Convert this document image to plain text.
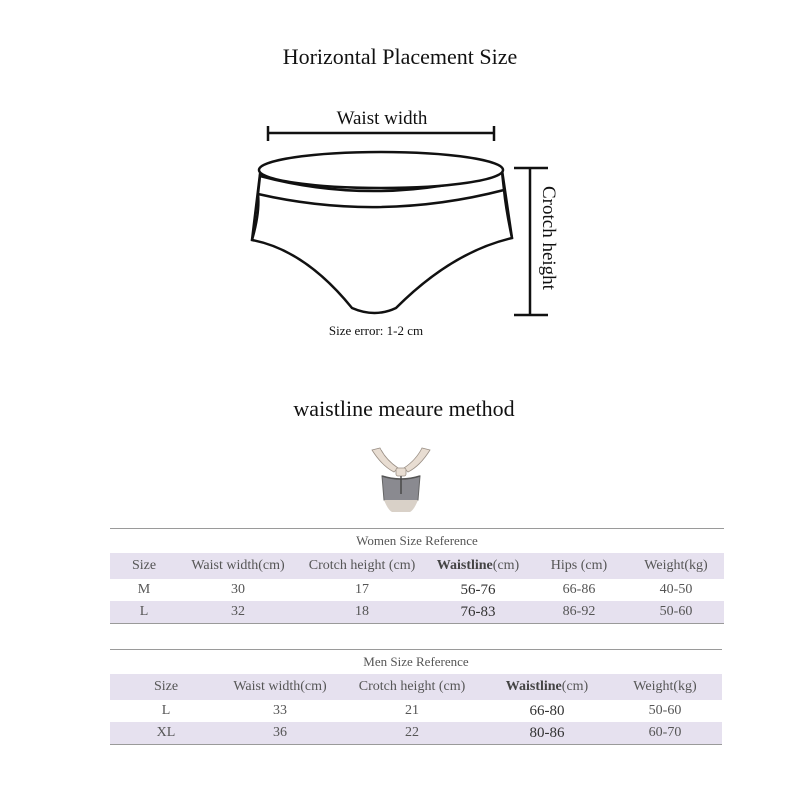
Horizontal Placement Size
Waist width
Crotch height
Size error: 1-2 cm
waistline meaure method
Women Size Reference					
Size	Waist width(cm)	Crotch height (cm)	Waistline(cm)	Hips (cm)	Weight(kg)
M	30	17	56-76	66-86	40-50
L	32	18	76-83	86-92	50-60
Men Size Reference				
Size	Waist width(cm)	Crotch height (cm)	Waistline(cm)	Weight(kg)
L	33	21	66-80	50-60
XL	36	22	80-86	60-70
